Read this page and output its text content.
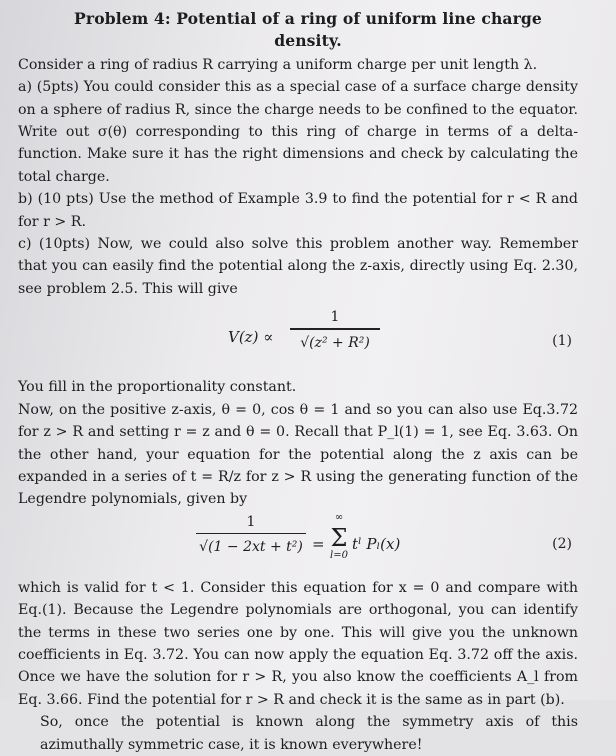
Problem 4: Potential of a ring of uniform line charge density.
Consider a ring of radius R carrying a uniform charge per unit length λ.
a) (5pts) You could consider this as a special case of a surface charge density on a sphere of radius R, since the charge needs to be confined to the equator. Write out σ(θ) corresponding to this ring of charge in terms of a delta-function. Make sure it has the right dimensions and check by calculating the total charge.
b) (10 pts) Use the method of Example 3.9 to find the potential for r < R and for r > R.
c) (10pts) Now, we could also solve this problem another way. Remember that you can easily find the potential along the z-axis, directly using Eq. 2.30, see problem 2.5. This will give
V(z) ∝
1
√(z² + R²)	(1)
You fill in the proportionality constant.
Now, on the positive z-axis, θ = 0, cos θ = 1 and so you can also use Eq.3.72 for z > R and setting r = z and θ = 0. Recall that P_l(1) = 1, see Eq. 3.63. On the other hand, your equation for the potential along the z axis can be expanded in a series of t = R/z for z > R using the generating function of the Legendre polynomials, given by
1
√(1 − 2xt + t²) =
∞
Σ
l=0
tˡ Pₗ(x)	(2)
which is valid for t < 1. Consider this equation for x = 0 and compare with Eq.(1). Because the Legendre polynomials are orthogonal, you can identify the terms in these two series one by one. This will give you the unknown coefficients in Eq. 3.72. You can now apply the equation Eq. 3.72 off the axis. Once we have the solution for r > R, you also know the coefficients A_l from Eq. 3.66. Find the potential for r > R and check it is the same as in part (b).
So, once the potential is known along the symmetry axis of this azimuthally symmetric case, it is known everywhere!
